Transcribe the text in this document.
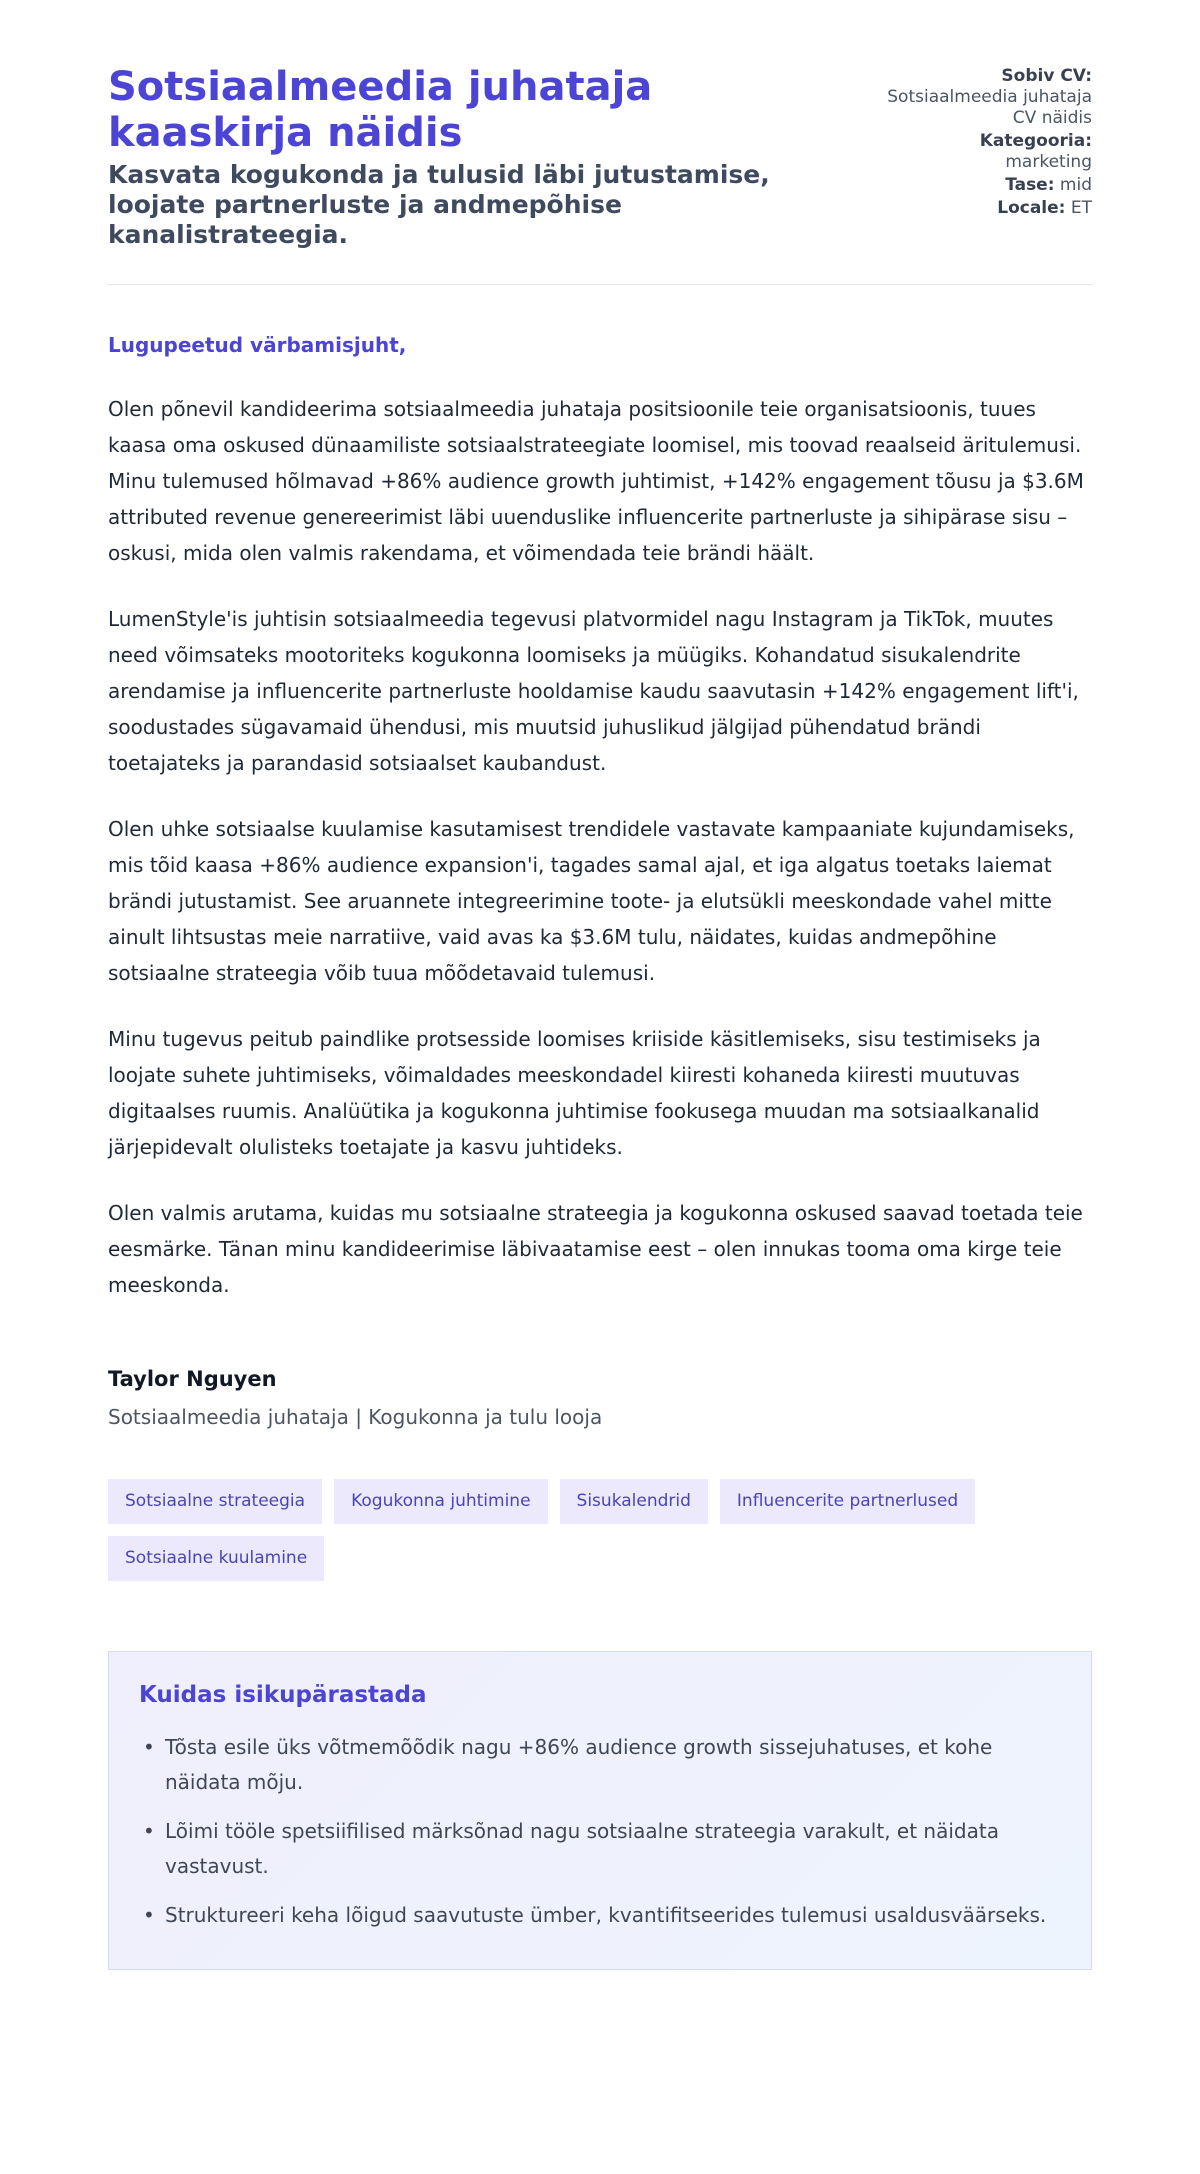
Sotsiaalmeedia juhataja kaaskirja näidis
Kasvata kogukonda ja tulusid läbi jutustamise, loojate partnerluste ja andmepõhise kanalistrateegia.
Sobiv CV:
Sotsiaalmeedia juhataja CV näidis
Kategooria:
marketing
Tase: mid
Locale: ET

Lugupeetud värbamisjuht,

Olen põnevil kandideerima sotsiaalmeedia juhataja positsioonile teie organisatsioonis, tuues kaasa oma oskused dünaamiliste sotsiaalstrateegiate loomisel, mis toovad reaalseid äritulemusi. Minu tulemused hõlmavad +86% audience growth juhtimist, +142% engagement tõusu ja $3.6M attributed revenue genereerimist läbi uuenduslike influencerite partnerluste ja sihipärase sisu – oskusi, mida olen valmis rakendama, et võimendada teie brändi häält.

LumenStyle'is juhtisin sotsiaalmeedia tegevusi platvormidel nagu Instagram ja TikTok, muutes need võimsateks mootoriteks kogukonna loomiseks ja müügiks. Kohandatud sisukalendrite arendamise ja influencerite partnerluste hooldamise kaudu saavutasin +142% engagement lift'i, soodustades sügavamaid ühendusi, mis muutsid juhuslikud jälgijad pühendatud brändi toetajateks ja parandasid sotsiaalset kaubandust.

Olen uhke sotsiaalse kuulamise kasutamisest trendidele vastavate kampaaniate kujundamiseks, mis tõid kaasa +86% audience expansion'i, tagades samal ajal, et iga algatus toetaks laiemat brändi jutustamist. See aruannete integreerimine toote- ja elutsükli meeskondade vahel mitte ainult lihtsustas meie narratiive, vaid avas ka $3.6M tulu, näidates, kuidas andmepõhine sotsiaalne strateegia võib tuua mõõdetavaid tulemusi.

Minu tugevus peitub paindlike protsesside loomises kriiside käsitlemiseks, sisu testimiseks ja loojate suhete juhtimiseks, võimaldades meeskondadel kiiresti kohaneda kiiresti muutuvas digitaalses ruumis. Analüütika ja kogukonna juhtimise fookusega muudan ma sotsiaalkanalid järjepidevalt olulisteks toetajate ja kasvu juhtideks.

Olen valmis arutama, kuidas mu sotsiaalne strateegia ja kogukonna oskused saavad toetada teie eesmärke. Tänan minu kandideerimise läbivaatamise eest – olen innukas tooma oma kirge teie meeskonda.

Taylor Nguyen
Sotsiaalmeedia juhataja | Kogukonna ja tulu looja
Sotsiaalne strateegia	Kogukonna juhtimine	Sisukalendrid	Influencerite partnerlused
Sotsiaalne kuulamine
Kuidas isikupärastada
• Tõsta esile üks võtmemõõdik nagu +86% audience growth sissejuhatuses, et kohe näidata mõju.
• Lõimi tööle spetsiifilised märksõnad nagu sotsiaalne strateegia varakult, et näidata vastavust.
• Struktureeri keha lõigud saavutuste ümber, kvantifitseerides tulemusi usaldusväärseks.
